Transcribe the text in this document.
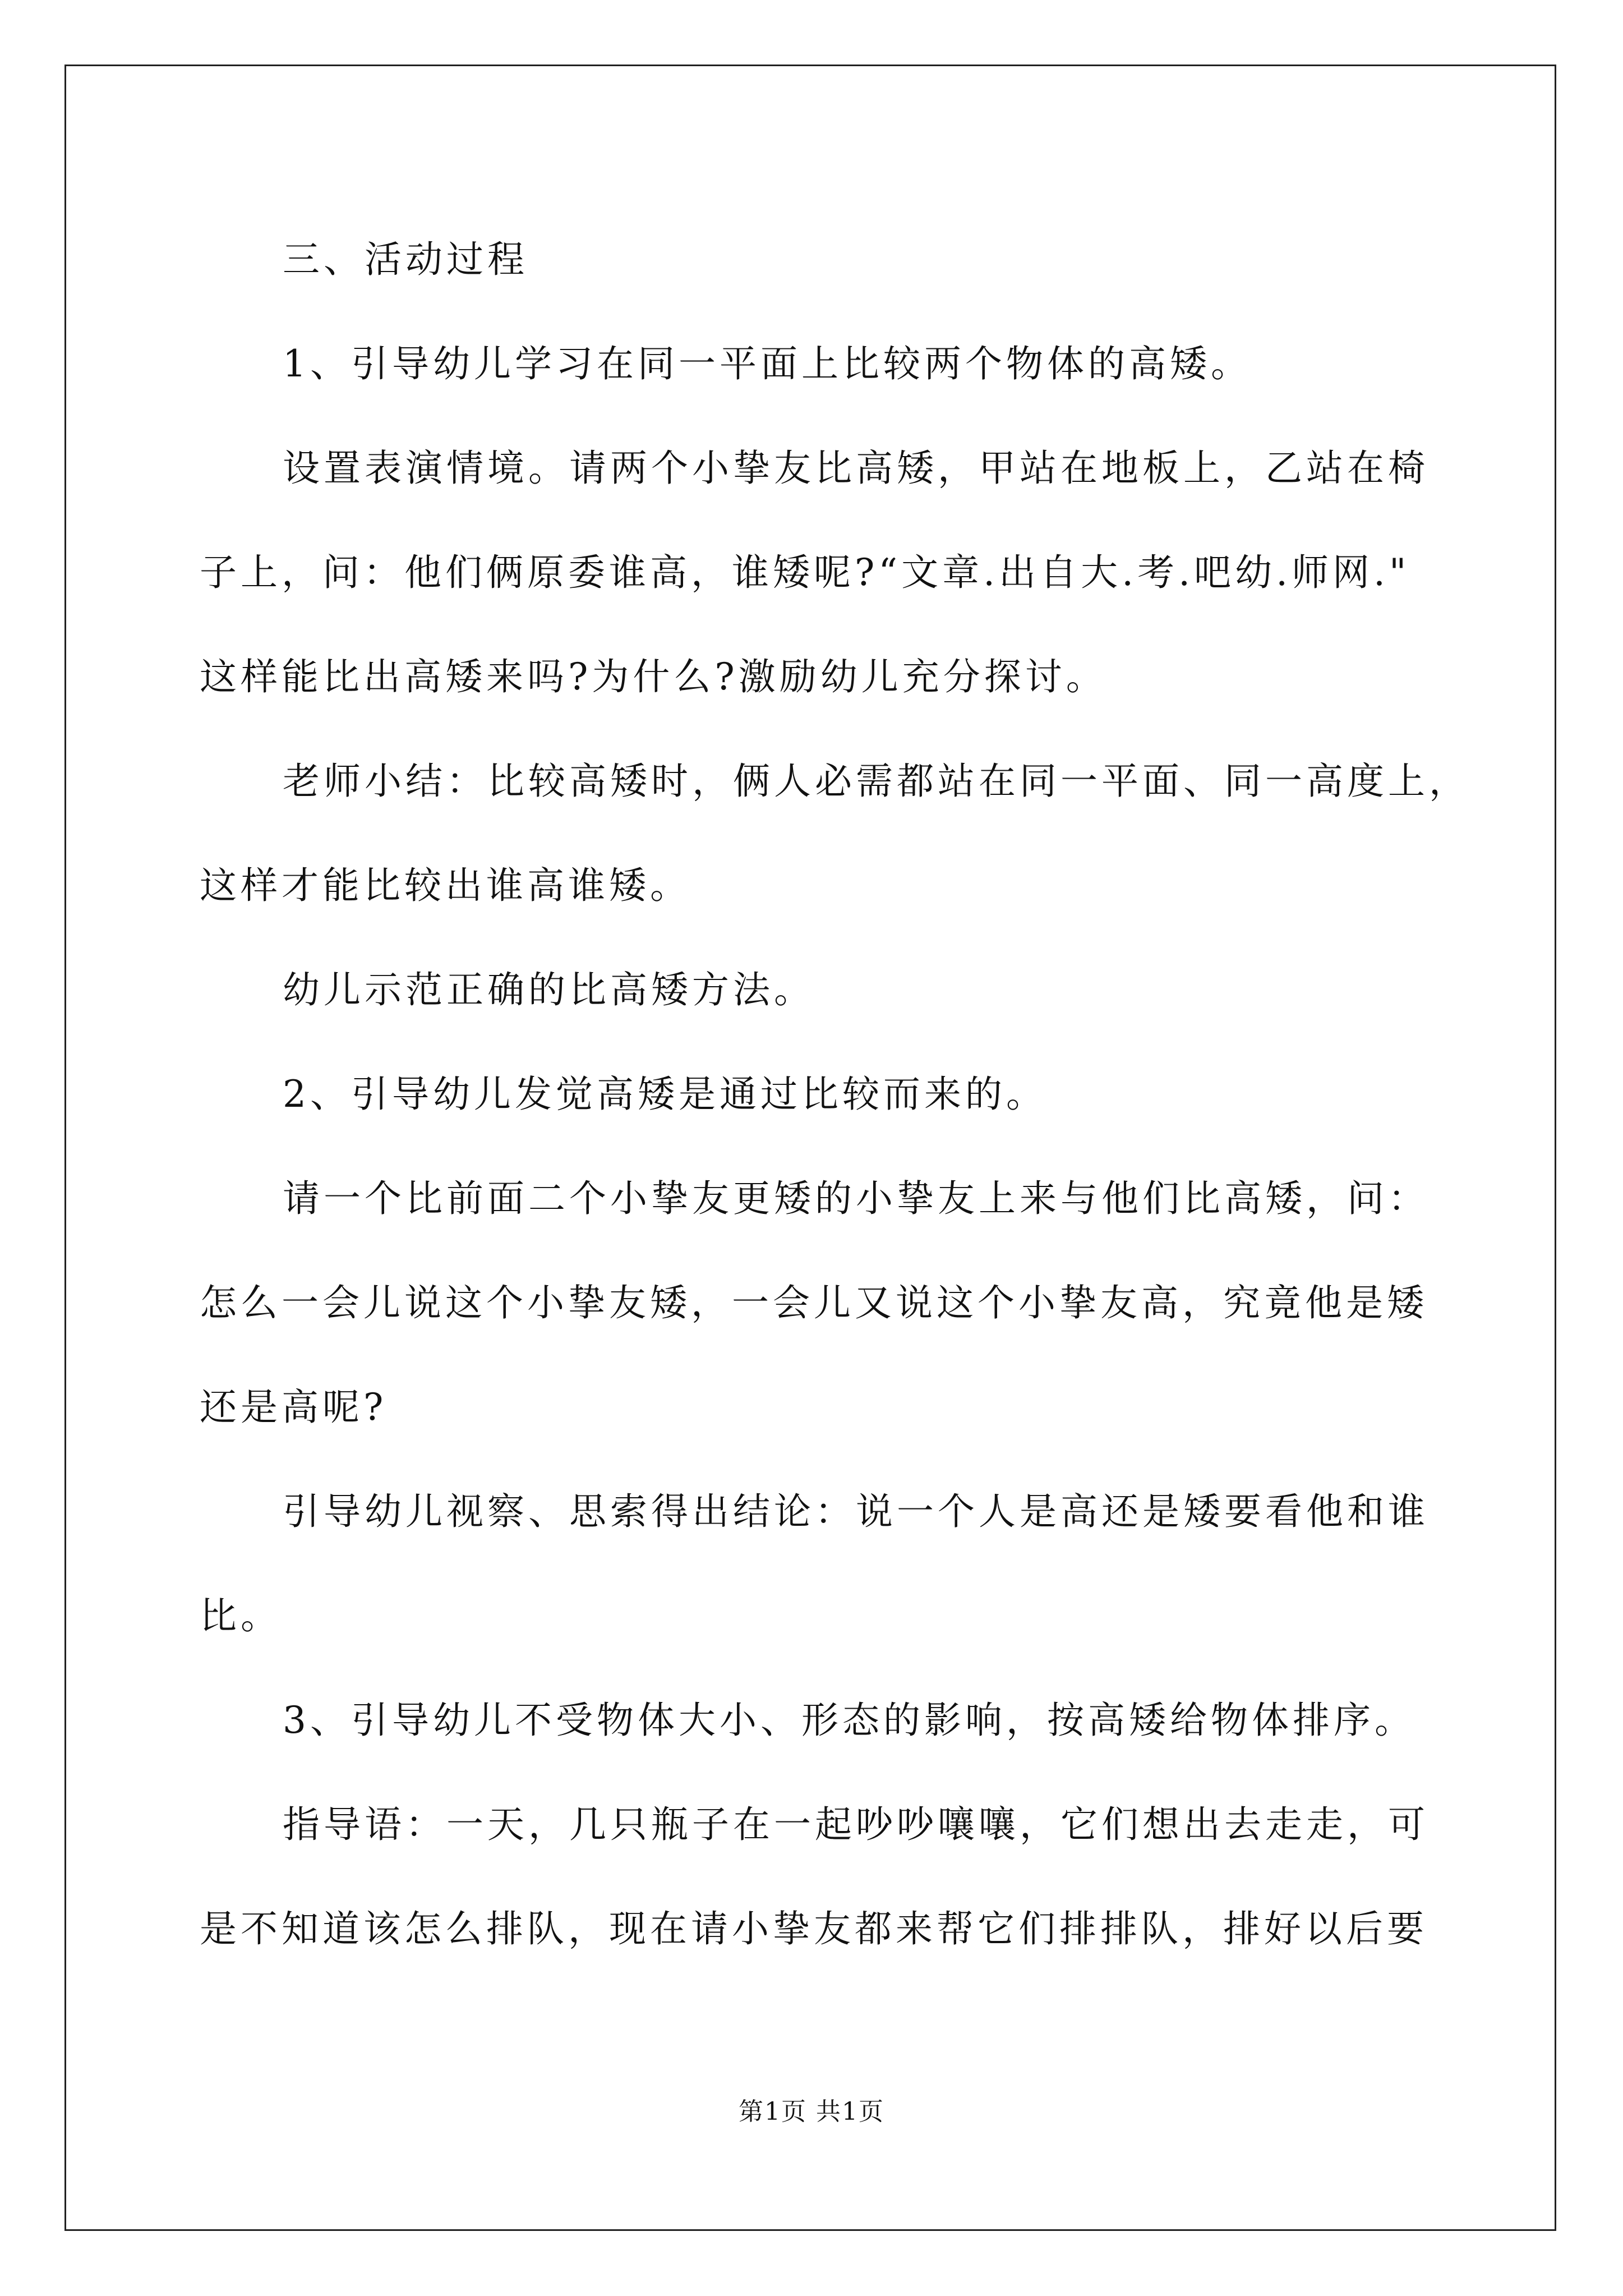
三、活动过程

1、引导幼儿学习在同一平面上比较两个物体的高矮。

设置表演情境。请两个小挚友比高矮，甲站在地板上，乙站在椅

子上，问：他们俩原委谁高，谁矮呢?“文章.出自大.考.吧幼.师网."

这样能比出高矮来吗?为什么?激励幼儿充分探讨。

老师小结：比较高矮时，俩人必需都站在同一平面、同一高度上，

这样才能比较出谁高谁矮。

幼儿示范正确的比高矮方法。

2、引导幼儿发觉高矮是通过比较而来的。

请一个比前面二个小挚友更矮的小挚友上来与他们比高矮，问：

怎么一会儿说这个小挚友矮，一会儿又说这个小挚友高，究竟他是矮

还是高呢?

引导幼儿视察、思索得出结论：说一个人是高还是矮要看他和谁

比。

3、引导幼儿不受物体大小、形态的影响，按高矮给物体排序。

指导语：一天，几只瓶子在一起吵吵嚷嚷，它们想出去走走，可

是不知道该怎么排队，现在请小挚友都来帮它们排排队，排好以后要

第1页 共1页
